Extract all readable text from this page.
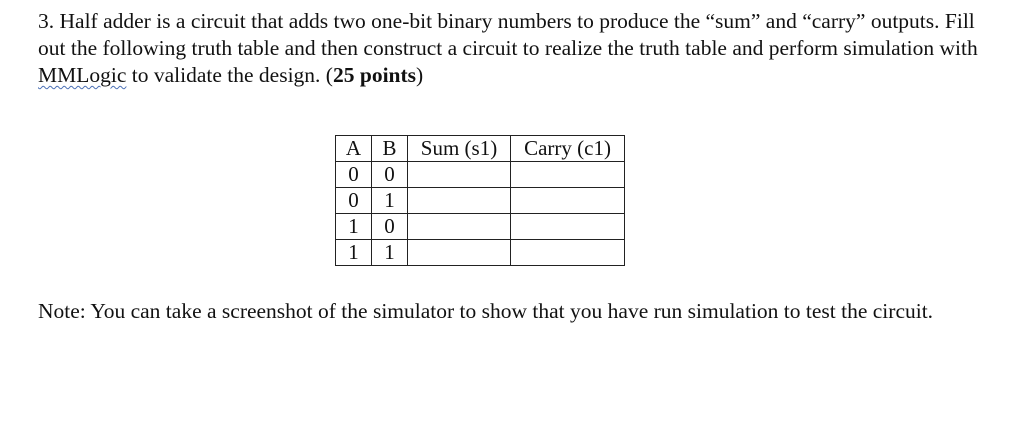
3. Half adder is a circuit that adds two one-bit binary numbers to produce the “sum” and “carry” outputs. Fill out the following truth table and then construct a circuit to realize the truth table and perform simulation with MMLogic to validate the design. (25 points)

A	B	Sum (s1)	Carry (c1)
0	0		
0	1		
1	0		
1	1		

Note: You can take a screenshot of the simulator to show that you have run simulation to test the circuit.
